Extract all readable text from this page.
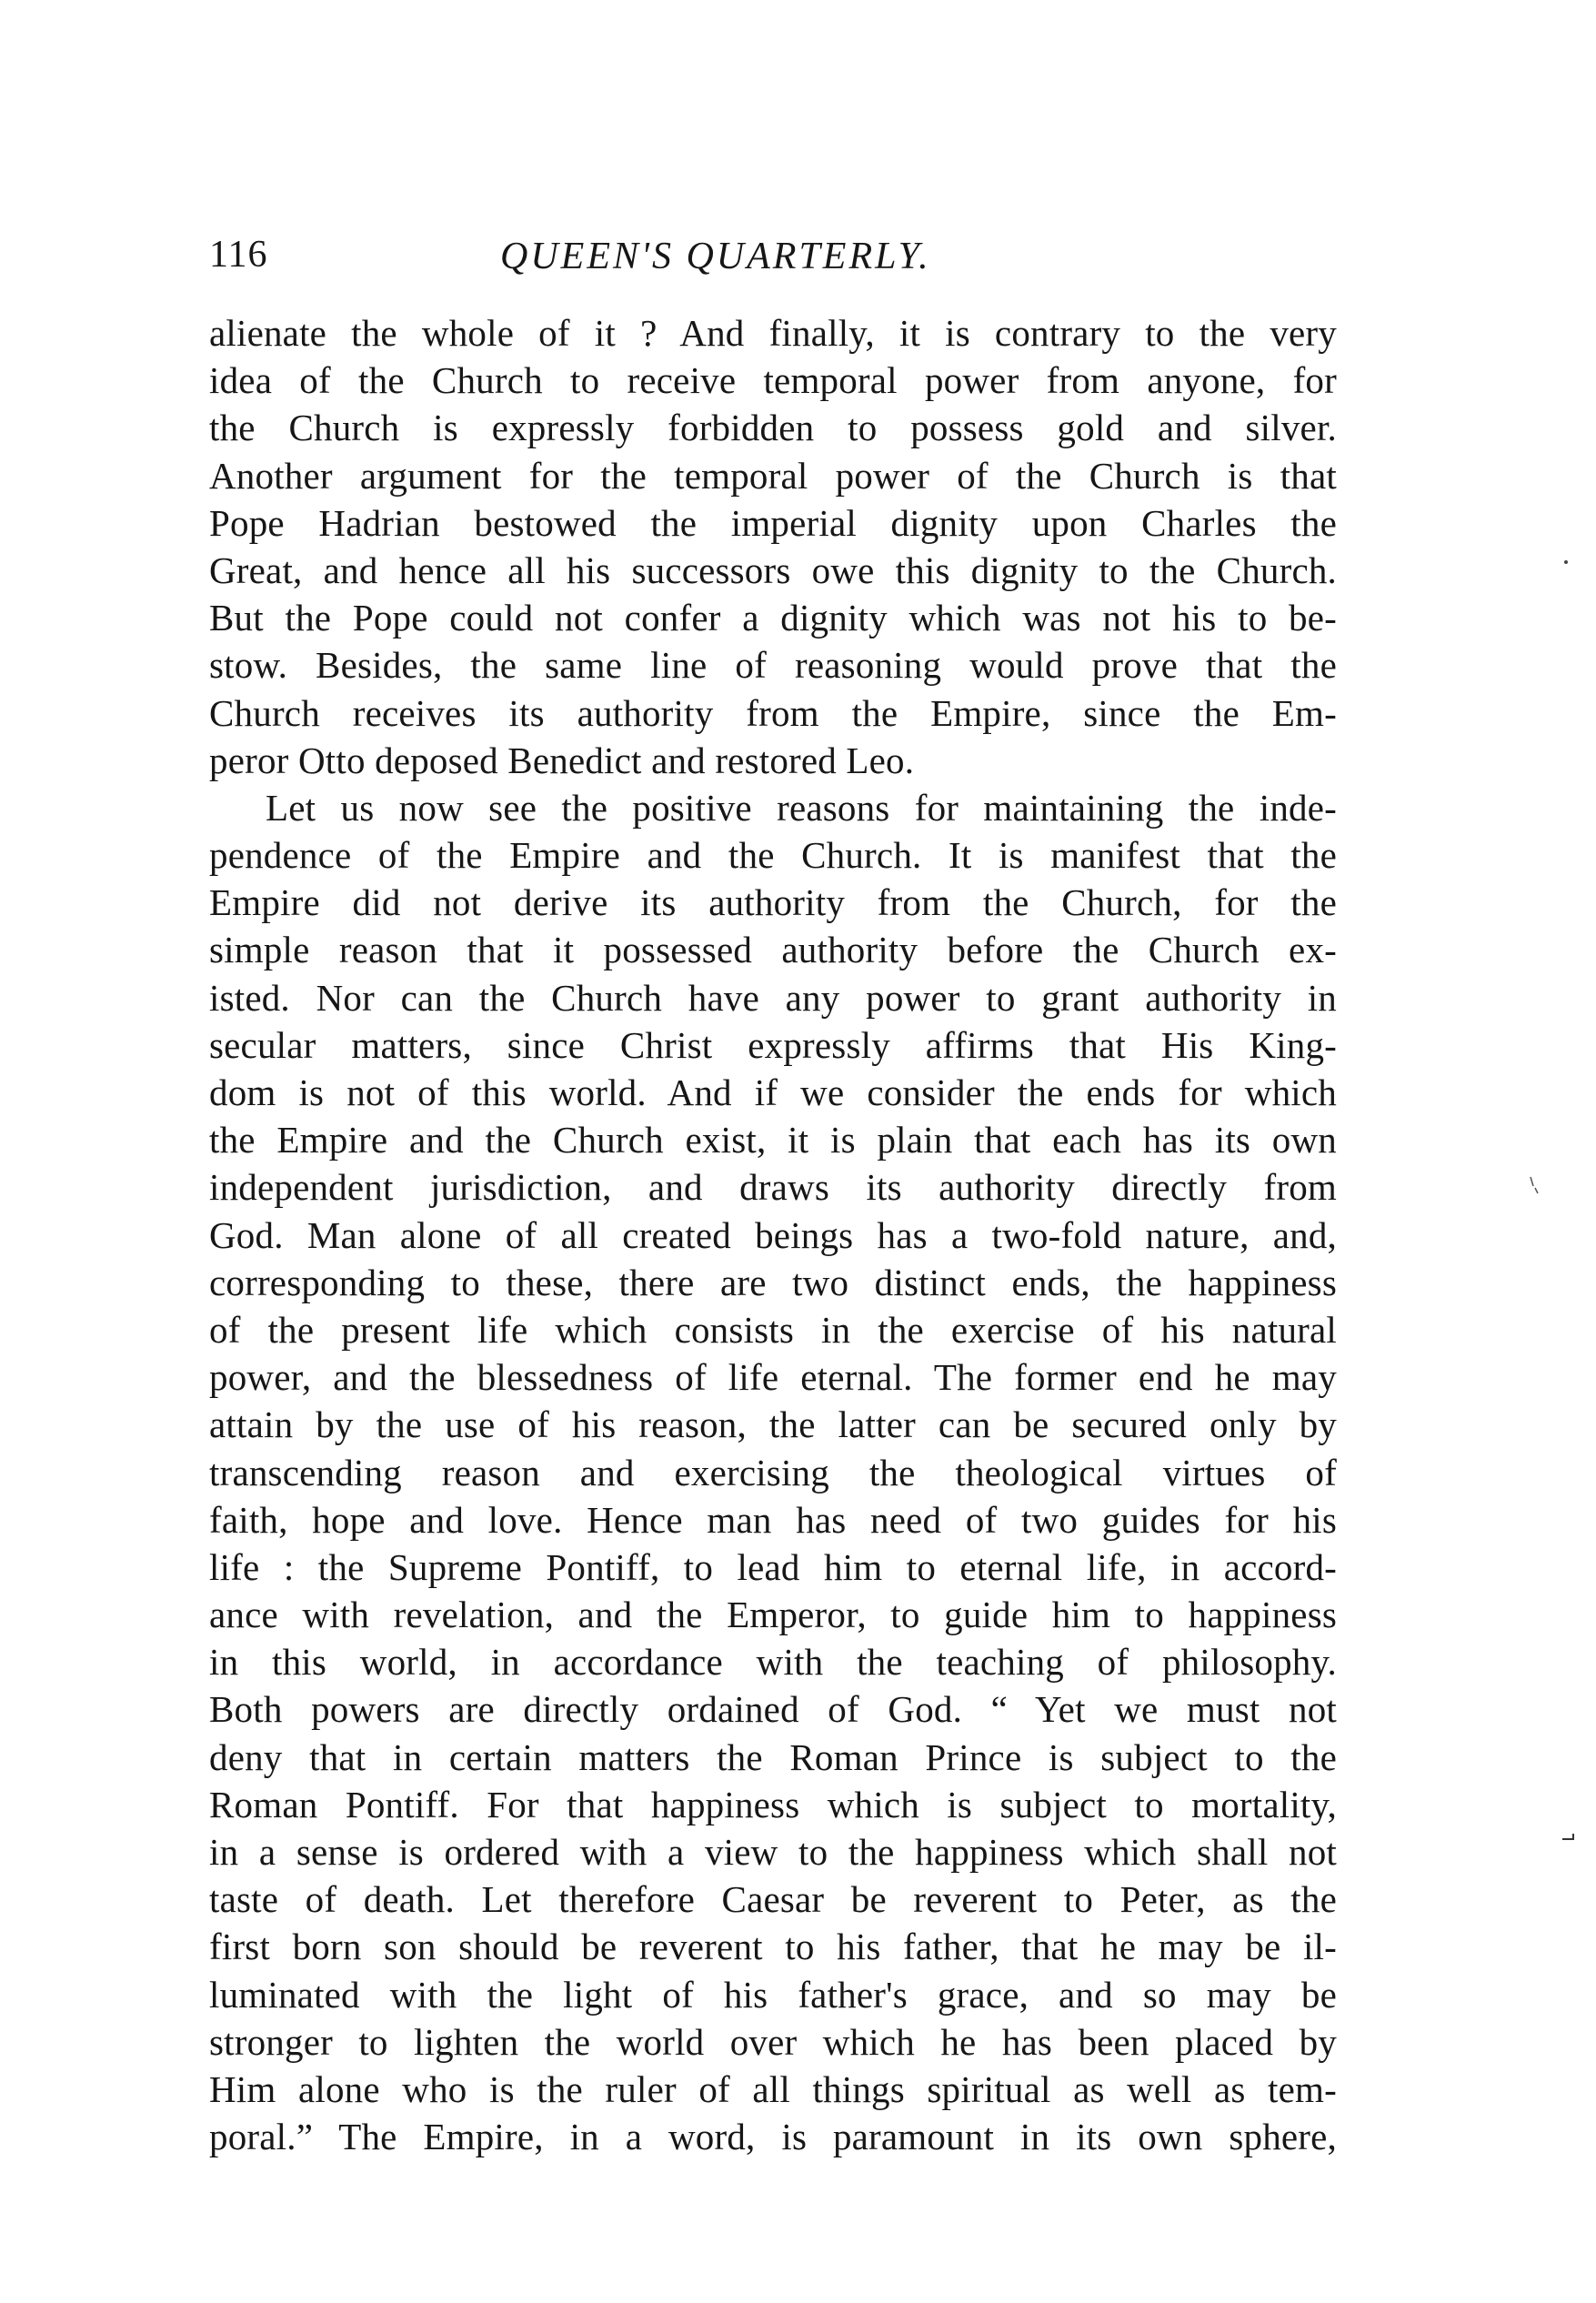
116	QUEEN'S QUARTERLY.
alienate the whole of it ? And finally, it is contrary to the very
idea of the Church to receive temporal power from anyone, for
the Church is expressly forbidden to possess gold and silver.
Another argument for the temporal power of the Church is that
Pope Hadrian bestowed the imperial dignity upon Charles the
Great, and hence all his successors owe this dignity to the Church.
But the Pope could not confer a dignity which was not his to be-
stow. Besides, the same line of reasoning would prove that the
Church receives its authority from the Empire, since the Em-
peror Otto deposed Benedict and restored Leo.
Let us now see the positive reasons for maintaining the inde-
pendence of the Empire and the Church. It is manifest that the
Empire did not derive its authority from the Church, for the
simple reason that it possessed authority before the Church ex-
isted. Nor can the Church have any power to grant authority in
secular matters, since Christ expressly affirms that His King-
dom is not of this world. And if we consider the ends for which
the Empire and the Church exist, it is plain that each has its own
independent jurisdiction, and draws its authority directly from
God. Man alone of all created beings has a two-fold nature, and,
corresponding to these, there are two distinct ends, the happiness
of the present life which consists in the exercise of his natural
power, and the blessedness of life eternal. The former end he may
attain by the use of his reason, the latter can be secured only by
transcending reason and exercising the theological virtues of
faith, hope and love. Hence man has need of two guides for his
life : the Supreme Pontiff, to lead him to eternal life, in accord-
ance with revelation, and the Emperor, to guide him to happiness
in this world, in accordance with the teaching of philosophy.
Both powers are directly ordained of God. “ Yet we must not
deny that in certain matters the Roman Prince is subject to the
Roman Pontiff. For that happiness which is subject to mortality,
in a sense is ordered with a view to the happiness which shall not
taste of death. Let therefore Caesar be reverent to Peter, as the
first born son should be reverent to his father, that he may be il-
luminated with the light of his father's grace, and so may be
stronger to lighten the world over which he has been placed by
Him alone who is the ruler of all things spiritual as well as tem-
poral.” The Empire, in a word, is paramount in its own sphere,
